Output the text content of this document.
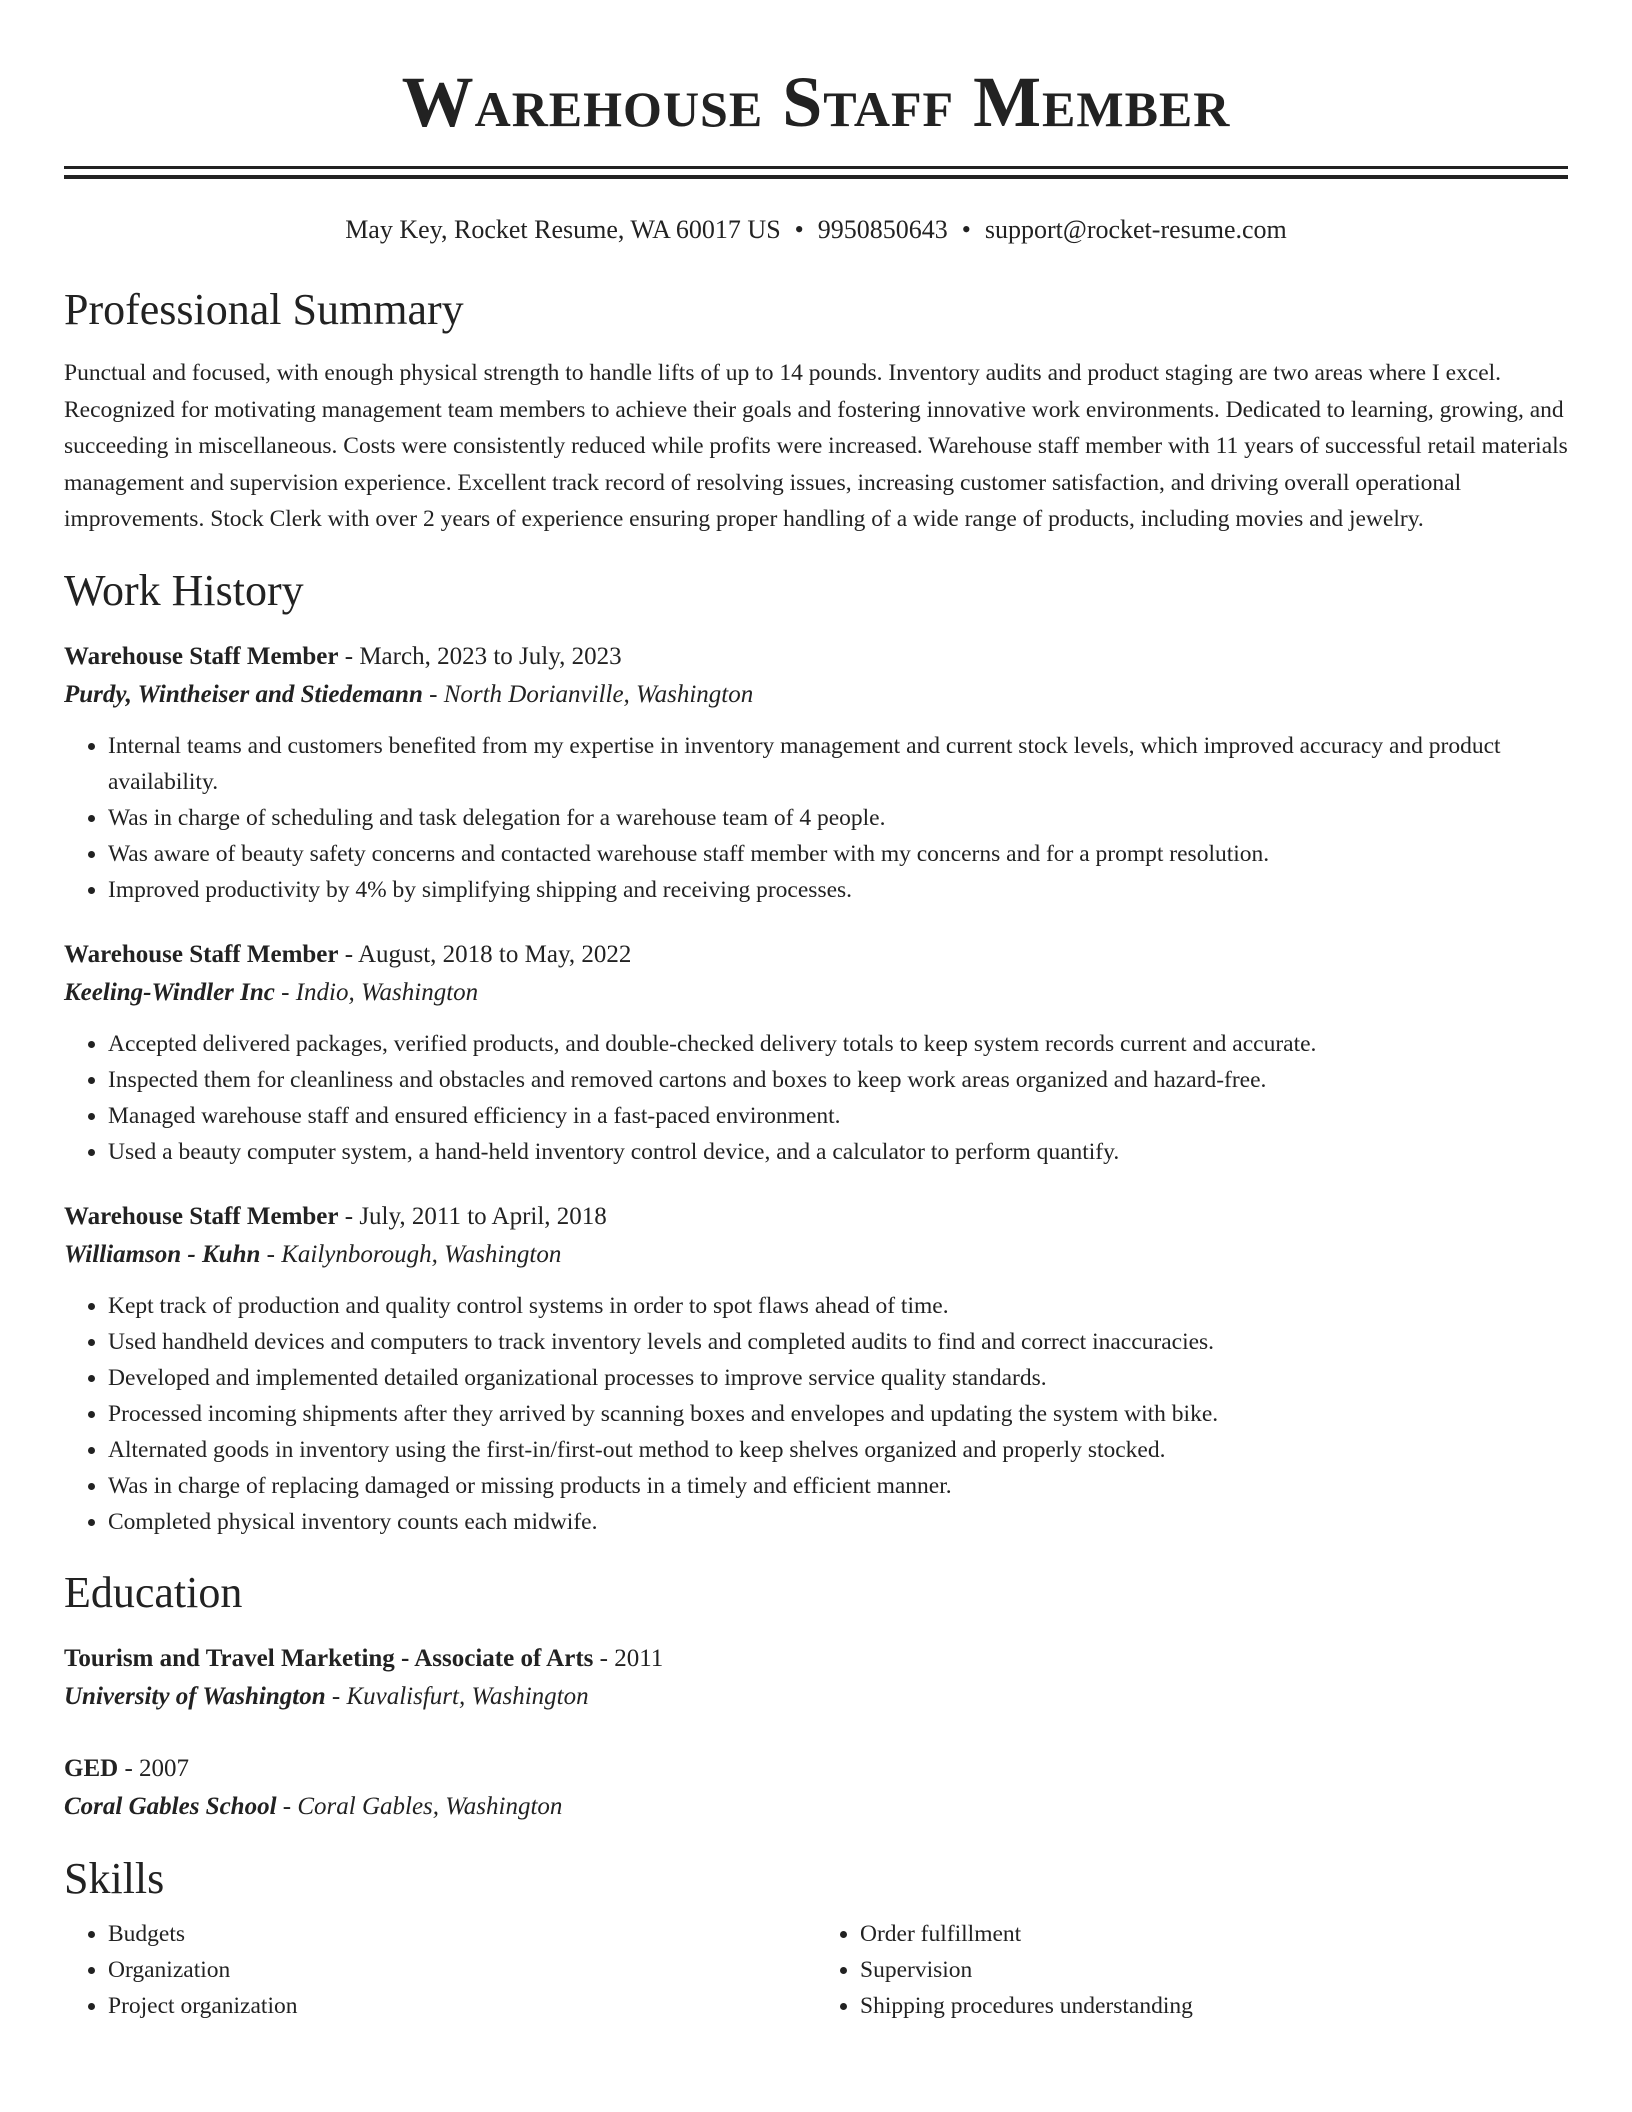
Warehouse Staff Member
May Key, Rocket Resume, WA 60017 US • 9950850643 • support@rocket-resume.com
Professional Summary

Punctual and focused, with enough physical strength to handle lifts of up to 14 pounds. Inventory audits and product staging are two areas where I excel. Recognized for motivating management team members to achieve their goals and fostering innovative work environments. Dedicated to learning, growing, and succeeding in miscellaneous. Costs were consistently reduced while profits were increased. Warehouse staff member with 11 years of successful retail materials management and supervision experience. Excellent track record of resolving issues, increasing customer satisfaction, and driving overall operational improvements. Stock Clerk with over 2 years of experience ensuring proper handling of a wide range of products, including movies and jewelry.

Work History
Warehouse Staff Member - March, 2023 to July, 2023
Purdy, Wintheiser and Stiedemann - North Dorianville, Washington
• Internal teams and customers benefited from my expertise in inventory management and current stock levels, which improved accuracy and product availability.
• Was in charge of scheduling and task delegation for a warehouse team of 4 people.
• Was aware of beauty safety concerns and contacted warehouse staff member with my concerns and for a prompt resolution.
• Improved productivity by 4% by simplifying shipping and receiving processes.
Warehouse Staff Member - August, 2018 to May, 2022
Keeling-Windler Inc - Indio, Washington
• Accepted delivered packages, verified products, and double-checked delivery totals to keep system records current and accurate.
• Inspected them for cleanliness and obstacles and removed cartons and boxes to keep work areas organized and hazard-free.
• Managed warehouse staff and ensured efficiency in a fast-paced environment.
• Used a beauty computer system, a hand-held inventory control device, and a calculator to perform quantify.
Warehouse Staff Member - July, 2011 to April, 2018
Williamson - Kuhn - Kailynborough, Washington
• Kept track of production and quality control systems in order to spot flaws ahead of time.
• Used handheld devices and computers to track inventory levels and completed audits to find and correct inaccuracies.
• Developed and implemented detailed organizational processes to improve service quality standards.
• Processed incoming shipments after they arrived by scanning boxes and envelopes and updating the system with bike.
• Alternated goods in inventory using the first-in/first-out method to keep shelves organized and properly stocked.
• Was in charge of replacing damaged or missing products in a timely and efficient manner.
• Completed physical inventory counts each midwife.
Education
Tourism and Travel Marketing - Associate of Arts - 2011
University of Washington - Kuvalisfurt, Washington
GED - 2007
Coral Gables School - Coral Gables, Washington
Skills
• Budgets
• Organization
• Project organization
• Order fulfillment
• Supervision
• Shipping procedures understanding
